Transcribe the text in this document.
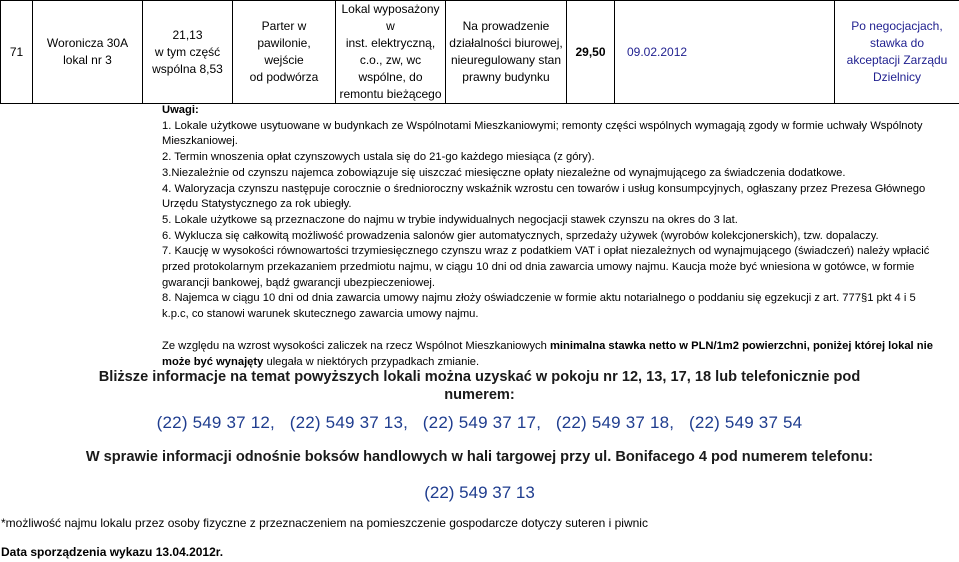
71	Woronicza 30A
lokal nr 3	21,13
w tym część
wspólna 8,53	Parter w
pawilonie, wejście
od podwórza	Lokal wyposażony w
inst. elektryczną,
c.o., zw, wc
wspólne, do
remontu bieżącego	Na prowadzenie
działalności biurowej,
nieuregulowany stan
prawny budynku	29,50	09.02.2012	Po negocjacjach,
stawka do
akceptacji Zarządu
Dzielnicy

Uwagi:

1. Lokale użytkowe usytuowane w budynkach ze Wspólnotami Mieszkaniowymi; remonty części wspólnych wymagają zgody w formie uchwały Wspólnoty Mieszkaniowej.

2. Termin wnoszenia opłat czynszowych ustala się do 21-go każdego miesiąca (z góry).

3.Niezależnie od czynszu najemca zobowiązuje się uiszczać miesięczne opłaty niezależne od wynajmującego za świadczenia dodatkowe.

4. Waloryzacja czynszu następuje corocznie o średnioroczny wskaźnik wzrostu cen towarów i usług konsumpcyjnych, ogłaszany przez Prezesa Głównego Urzędu Statystycznego za rok ubiegły.

5. Lokale użytkowe są przeznaczone do najmu w trybie indywidualnych negocjacji stawek czynszu na okres do 3 lat.

6. Wyklucza się całkowitą możliwość prowadzenia salonów gier automatycznych, sprzedaży używek (wyrobów kolekcjonerskich), tzw. dopalaczy.

7. Kaucję w wysokości równowartości trzymiesięcznego czynszu wraz z podatkiem VAT i opłat niezależnych od wynajmującego (świadczeń) należy wpłacić przed protokolarnym przekazaniem przedmiotu najmu, w ciągu 10 dni od dnia zawarcia umowy najmu. Kaucja może być wniesiona w gotówce, w formie gwarancji bankowej, bądź gwarancji ubezpieczeniowej.

8. Najemca w ciągu 10 dni od dnia zawarcia umowy najmu złoży oświadczenie w formie aktu notarialnego o poddaniu się egzekucji z art. 777§1 pkt 4 i 5 k.p.c, co stanowi warunek skutecznego zawarcia umowy najmu.

Ze względu na wzrost wysokości zaliczek na rzecz Wspólnot Mieszkaniowych minimalna stawka netto w PLN/1m2 powierzchni, poniżej której lokal nie może być wynajęty ulegała w niektórych przypadkach zmianie.

Bliższe informacje na temat powyższych lokali można uzyskać w pokoju nr 12, 13, 17, 18 lub telefonicznie pod
numerem:
(22) 549 37 12,   (22) 549 37 13,   (22) 549 37 17,   (22) 549 37 18,   (22) 549 37 54
W sprawie informacji odnośnie boksów handlowych w hali targowej przy ul. Bonifacego 4 pod numerem telefonu:
(22) 549 37 13
*możliwość najmu lokalu przez osoby fizyczne z przeznaczeniem na pomieszczenie gospodarcze dotyczy suteren i piwnic
Data sporządzenia wykazu 13.04.2012r.
